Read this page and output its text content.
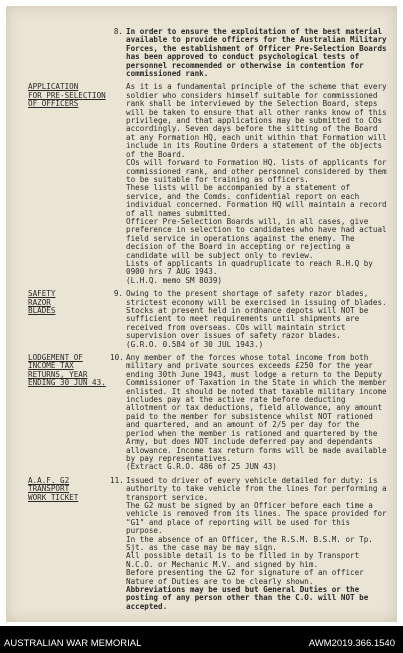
8. In order to ensure the exploitation of the best material available to provide officers for the Australian Military Forces, the establishment of Officer Pre-Selection Boards has been approved to conduct psychological tests of personnel recommended or otherwise in contention for commissioned rank.

APPLICATION
FOR PRE-SELECTION
OF OFFICERS

As it is a fundamental principle of the scheme that every soldier who considers himself suitable for commissioned rank shall be interviewed by the Selection Board, steps will be taken to ensure that all other ranks know of this privilege, and that applications may be submitted to COs accordingly. Seven days before the sitting of the Board at any Formation HQ, each unit within that Formation will include in its Routine Orders a statement of the objects of the Board.

COs will forward to Formation HQ. lists of applicants for commissioned rank, and other personnel considered by them to be suitable for training as officers.

These lists will be accompanied by a statement of service, and the Comds. confidential report on each individual concerned. Formation HQ will maintain a record of all names submitted.

Officer Pre-Selection Boards will, in all cases, give preference in selection to candidates who have had actual field service in operations against the enemy. The decision of the Board in accepting or rejecting a candidate will be subject only to review.

Lists of applicants in quadruplicate to reach R.H.Q by 0900 hrs 7 AUG 1943.

(L.H.Q. memo SM 8039)

SAFETY
RAZOR
BLADES
9. Owing to the present shortage of safety razor blades, strictest economy will be exercised in issuing of blades.

Stocks at present held in ordnance depots will NOT be sufficient to meet requirements until shipments are received from overseas. COs will maintain strict supervision over issues of safety razor blades.

(G.R.O. 0.584 of 30 JUL 1943.)

LODGEMENT OF
INCOME TAX
RETURNS, YEAR
ENDING 30 JUN 43.
10. Any member of the forces whose total income from both military and private sources exceeds £250 for the year ending 30th June 1943, must lodge a return to the Deputy Commissioner of Taxation in the State in which the member enlisted. It should be noted that taxable military income includes pay at the active rate before deducting allotment or tax deductions, field allowance, any amount paid to the member for subsistence whilst NOT rationed and quartered, and an amount of 2/5 per day for the period when the member is rationed and quartered by the Army, but does NOT include deferred pay and dependants allowance. Income tax return forms will be made available by pay representatives.

(Extract G.R.O. 486 of 25 JUN 43)

A.A.F. G2
TRANSPORT
WORK TICKET
11. Issued to driver of every vehicle detailed for duty: is authority to take vehicle from the lines for performing a transport service.

The G2 must be signed by an Officer before each time a vehicle is removed from its lines. The space provided for "G1" and place of reporting will be used for this purpose.

In the absence of an Officer, the R.S.M. B.S.M. or Tp. Sjt. as the case may be may sign.

All possible detail is to be filled in by Transport N.C.O. or Mechanic M.V. and signed by him.

Before presenting the G2 for signature of an officer Nature of Duties are to be clearly shown.

Abbreviations may be used but General Duties or the posting of any person other than the C.O. will NOT be accepted.

AUSTRALIAN WAR MEMORIAL	AWM2019.366.1540
